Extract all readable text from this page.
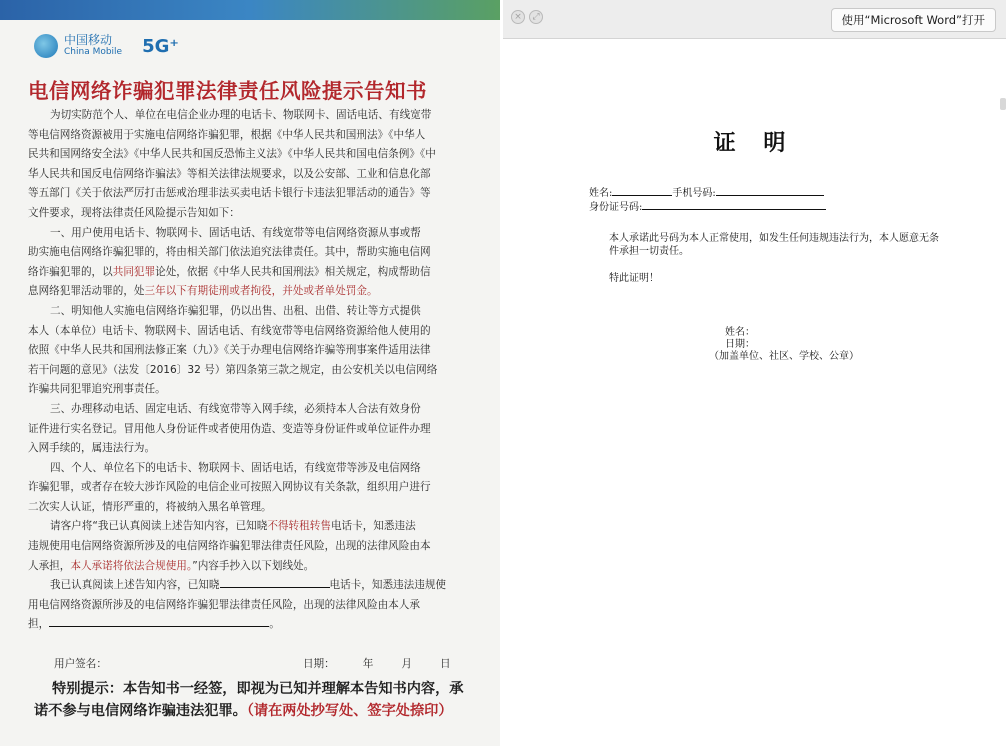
中国移动
China Mobile 5G⁺
电信网络诈骗犯罪法律责任风险提示告知书

为切实防范个人、单位在电信企业办理的电话卡、物联网卡、固话电话、有线宽带

等电信网络资源被用于实施电信网络诈骗犯罪，根据《中华人民共和国刑法》《中华人

民共和国网络安全法》《中华人民共和国反恐怖主义法》《中华人民共和国电信条例》《中

华人民共和国反电信网络诈骗法》等相关法律法规要求，以及公安部、工业和信息化部

等五部门《关于依法严厉打击惩戒治理非法买卖电话卡银行卡违法犯罪活动的通告》等

文件要求，现将法律责任风险提示告知如下：

一、用户使用电话卡、物联网卡、固话电话、有线宽带等电信网络资源从事或帮

助实施电信网络诈骗犯罪的，将由相关部门依法追究法律责任。其中，帮助实施电信网

络诈骗犯罪的，以共同犯罪论处，依据《中华人民共和国刑法》相关规定，构成帮助信

息网络犯罪活动罪的，处三年以下有期徒刑或者拘役，并处或者单处罚金。

二、明知他人实施电信网络诈骗犯罪，仍以出售、出租、出借、转让等方式提供

本人（本单位）电话卡、物联网卡、固话电话、有线宽带等电信网络资源给他人使用的

依照《中华人民共和国刑法修正案（九）》《关于办理电信网络诈骗等刑事案件适用法律

若干问题的意见》（法发〔2016〕32 号）第四条第三款之规定，由公安机关以电信网络

诈骗共同犯罪追究刑事责任。

三、办理移动电话、固定电话、有线宽带等入网手续，必须持本人合法有效身份

证件进行实名登记。冒用他人身份证件或者使用伪造、变造等身份证件或单位证件办理

入网手续的，属违法行为。

四、个人、单位名下的电话卡、物联网卡、固话电话，有线宽带等涉及电信网络

诈骗犯罪，或者存在较大涉诈风险的电信企业可按照入网协议有关条款，组织用户进行

二次实人认证，情形严重的，将被纳入黑名单管理。

请客户将“我已认真阅读上述告知内容，已知晓不得转租转售电话卡，知悉违法

违规使用电信网络资源所涉及的电信网络诈骗犯罪法律责任风险，出现的法律风险由本

人承担，本人承诺将依法合规使用。”内容手抄入以下划线处。

我已认真阅读上述告知内容，已知晓	电话卡，知悉违法违规使

用电信网络资源所涉及的电信网络诈骗犯罪法律责任风险，出现的法律风险由本人承

担，	。

用户签名：	日期：	年	月	日

特别提示：本告知书一经签，即视为已知并理解本告知书内容，承

诺不参与电信网络诈骗违法犯罪。（请在两处抄写处、签字处捺印）

×	⤢	使用“Microsoft Word”打开
证 明

姓名:	手机号码:

身份证号码:

本人承诺此号码为本人正常使用，如发生任何违规违法行为，本人愿意无条件承担一切责任。

特此证明！

姓名：

日期：

（加盖单位、社区、学校、公章）
